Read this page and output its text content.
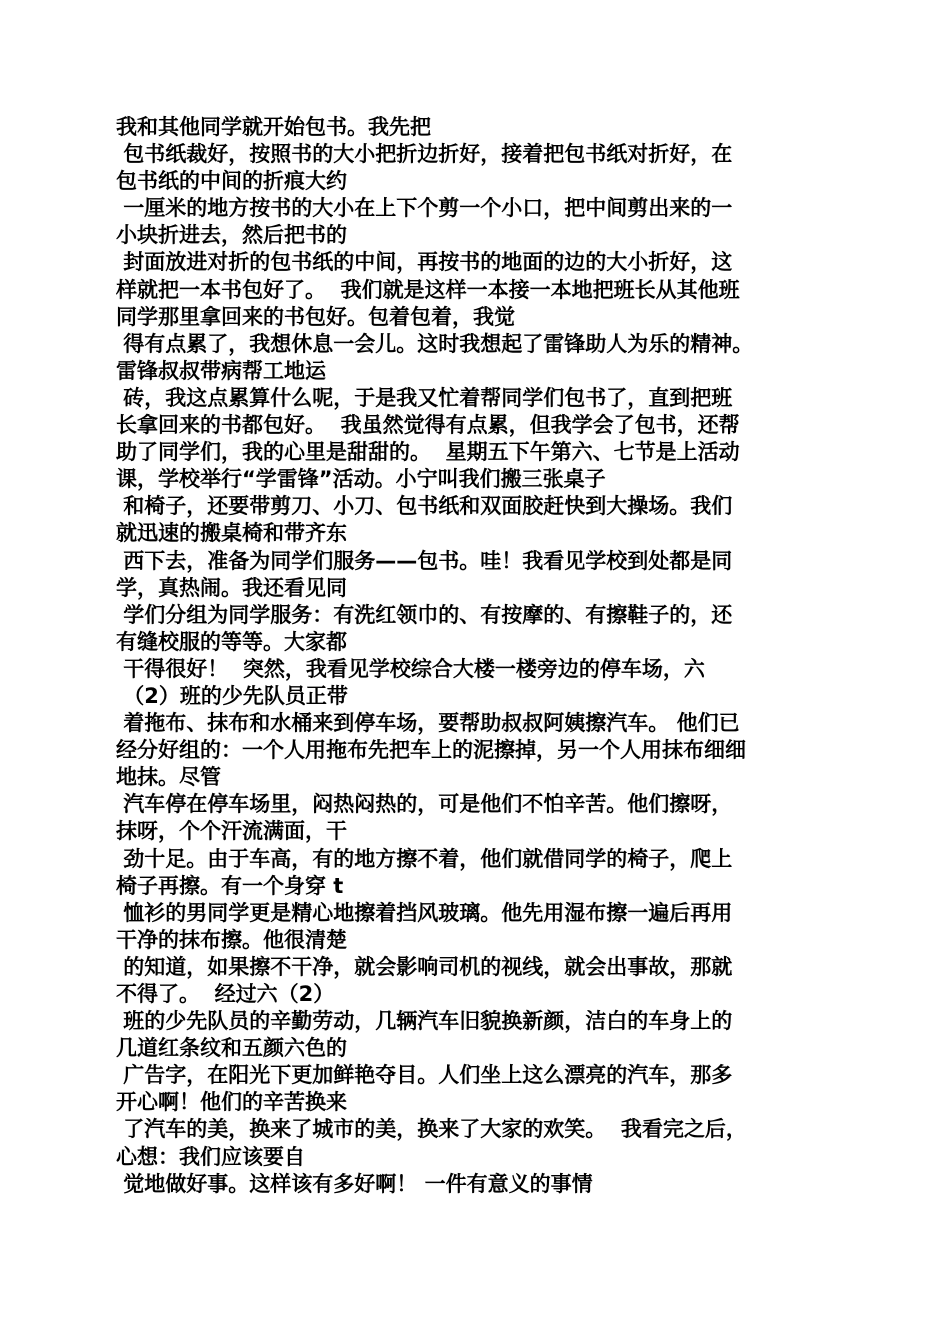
我和其他同学就开始包书。我先把
包书纸裁好，按照书的大小把折边折好，接着把包书纸对折好，在
包书纸的中间的折痕大约
一厘米的地方按书的大小在上下个剪一个小口，把中间剪出来的一
小块折进去，然后把书的
封面放进对折的包书纸的中间，再按书的地面的边的大小折好，这
样就把一本书包好了。  我们就是这样一本接一本地把班长从其他班
同学那里拿回来的书包好。包着包着，我觉
得有点累了，我想休息一会儿。这时我想起了雷锋助人为乐的精神。
雷锋叔叔带病帮工地运
砖，我这点累算什么呢，于是我又忙着帮同学们包书了，直到把班
长拿回来的书都包好。  我虽然觉得有点累，但我学会了包书，还帮
助了同学们，我的心里是甜甜的。  星期五下午第六、七节是上活动
课，学校举行“学雷锋”活动。小宁叫我们搬三张桌子
和椅子，还要带剪刀、小刀、包书纸和双面胶赶快到大操场。我们
就迅速的搬桌椅和带齐东
西下去，准备为同学们服务——包书。哇！我看见学校到处都是同
学，真热闹。我还看见同
学们分组为同学服务：有洗红领巾的、有按摩的、有擦鞋子的，还
有缝校服的等等。大家都
干得很好！  突然，我看见学校综合大楼一楼旁边的停车场，六
（2）班的少先队员正带
着拖布、抹布和水桶来到停车场，要帮助叔叔阿姨擦汽车。 他们已
经分好组的：一个人用拖布先把车上的泥擦掉，另一个人用抹布细细
地抹。尽管
汽车停在停车场里，闷热闷热的，可是他们不怕辛苦。他们擦呀，
抹呀，个个汗流满面，干
劲十足。由于车高，有的地方擦不着，他们就借同学的椅子，爬上
椅子再擦。有一个身穿 t
恤衫的男同学更是精心地擦着挡风玻璃。他先用湿布擦一遍后再用
干净的抹布擦。他很清楚
的知道，如果擦不干净，就会影响司机的视线，就会出事故，那就
不得了。  经过六（2）
班的少先队员的辛勤劳动，几辆汽车旧貌换新颜，洁白的车身上的
几道红条纹和五颜六色的
广告字，在阳光下更加鲜艳夺目。人们坐上这么漂亮的汽车，那多
开心啊！他们的辛苦换来
了汽车的美，换来了城市的美，换来了大家的欢笑。  我看完之后，
心想：我们应该要自
觉地做好事。这样该有多好啊！ 一件有意义的事情
